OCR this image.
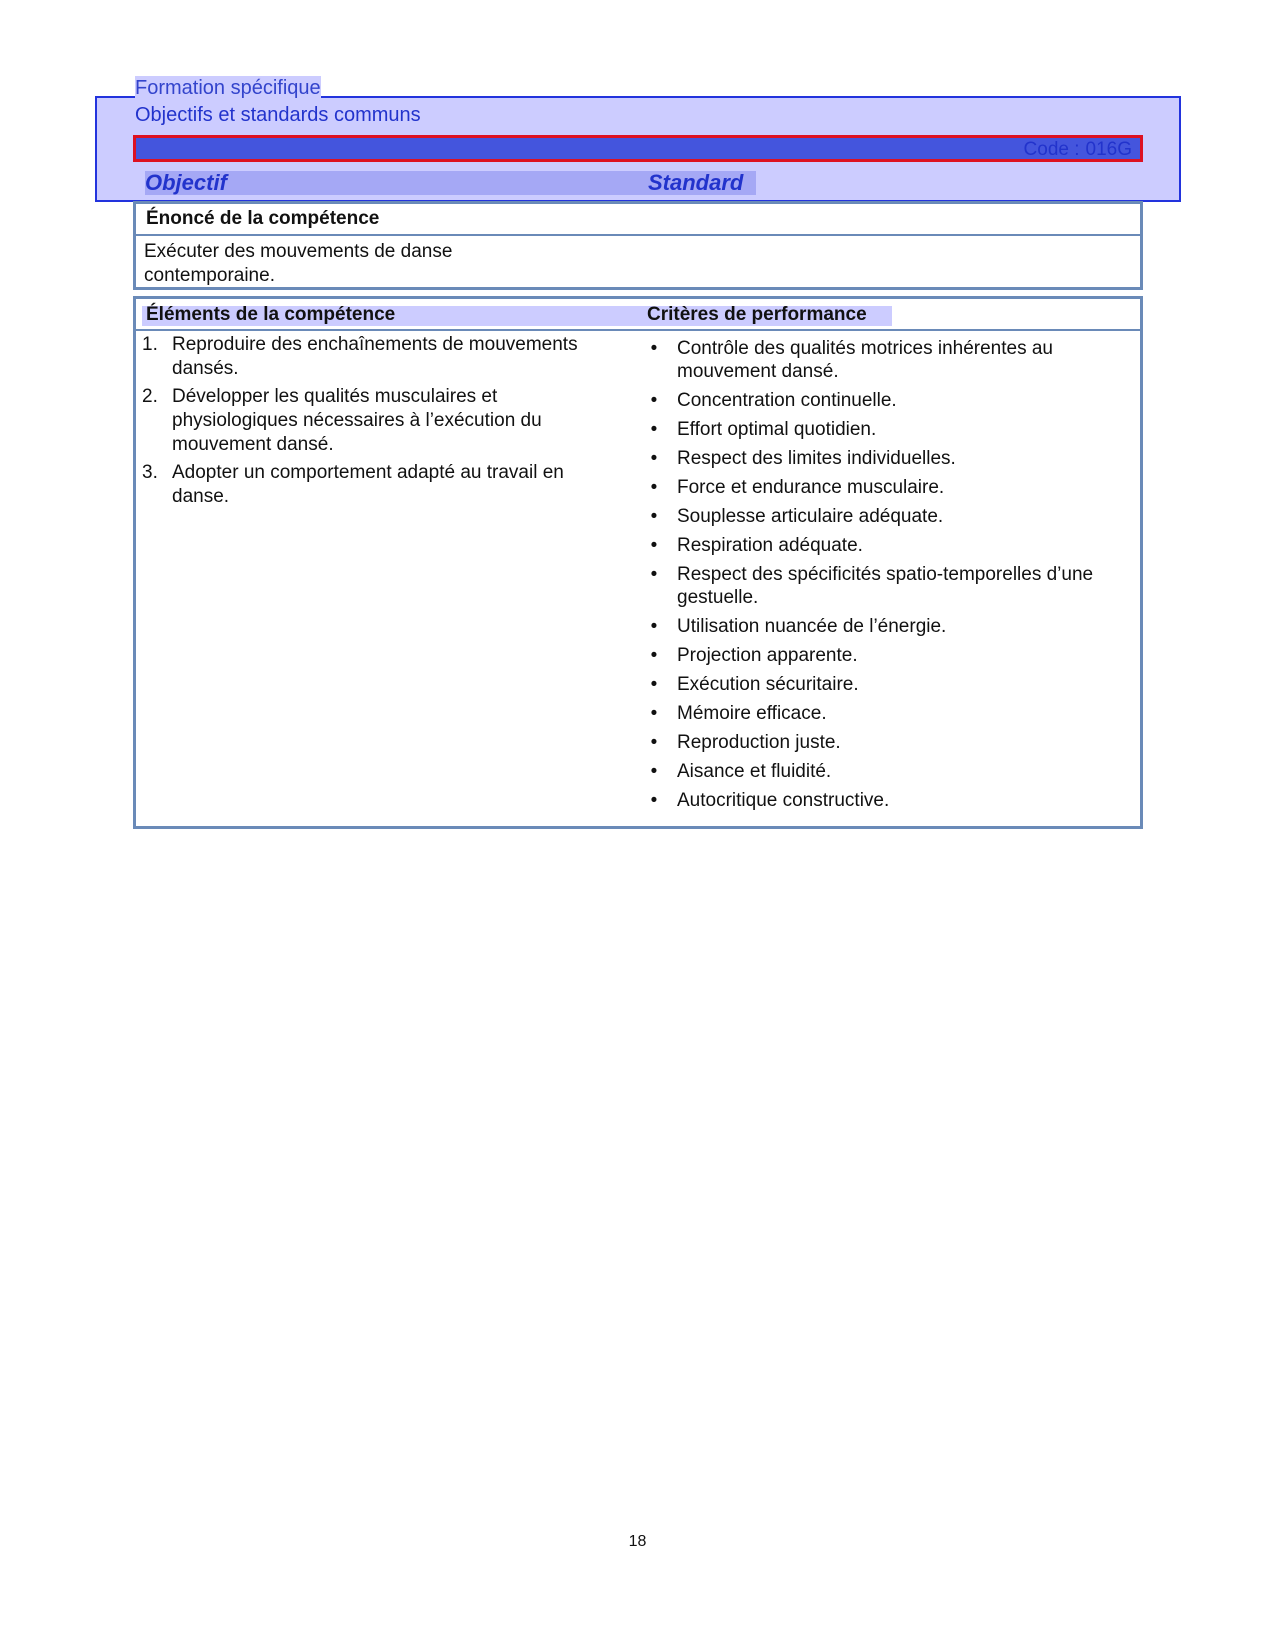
Formation spécifique
Objectifs et standards communs
Code : 016G
Objectif	Standard
Énoncé de la compétence
Exécuter des mouvements de danse contemporaine.
Éléments de la compétence	Critères de performance
1. Reproduire des enchaînements de mouvements dansés.
2. Développer les qualités musculaires et physiologiques nécessaires à l’exécution du mouvement dansé.
3. Adopter un comportement adapté au travail en danse.
• Contrôle des qualités motrices inhérentes au mouvement dansé.
• Concentration continuelle.
• Effort optimal quotidien.
• Respect des limites individuelles.
• Force et endurance musculaire.
• Souplesse articulaire adéquate.
• Respiration adéquate.
• Respect des spécificités spatio-temporelles d’une gestuelle.
• Utilisation nuancée de l’énergie.
• Projection apparente.
• Exécution sécuritaire.
• Mémoire efficace.
• Reproduction juste.
• Aisance et fluidité.
• Autocritique constructive.
18
